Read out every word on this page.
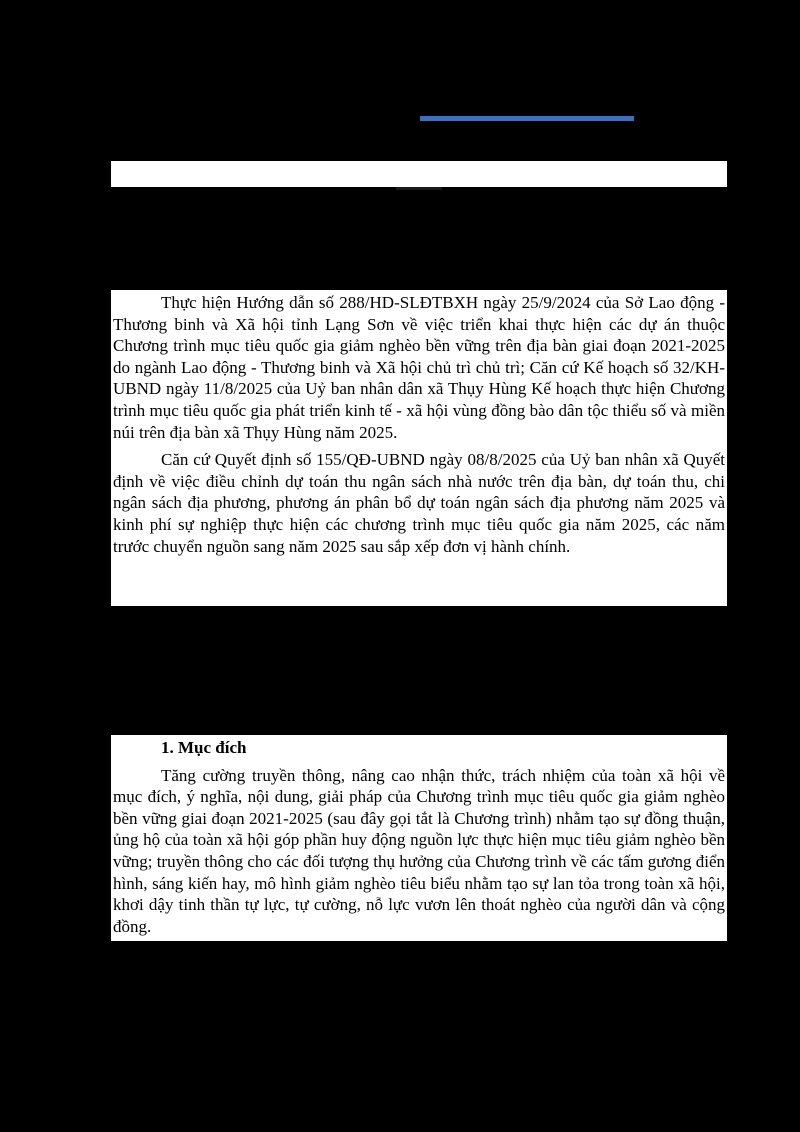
Thực hiện Hướng dẫn số 288/HD-SLĐTBXH ngày 25/9/2024 của Sở Lao động - Thương binh và Xã hội tỉnh Lạng Sơn về việc triển khai thực hiện các dự án thuộc Chương trình mục tiêu quốc gia giảm nghèo bền vững trên địa bàn giai đoạn 2021-2025 do ngành Lao động - Thương binh và Xã hội chủ trì chủ trì; Căn cứ Kế hoạch số 32/KH-UBND ngày 11/8/2025 của Uỷ ban nhân dân xã Thụy Hùng Kế hoạch thực hiện Chương trình mục tiêu quốc gia phát triển kinh tế - xã hội vùng đồng bào dân tộc thiểu số và miền núi trên địa bàn xã Thụy Hùng năm 2025.

Căn cứ Quyết định số 155/QĐ-UBND ngày 08/8/2025 của Uỷ ban nhân xã Quyết định về việc điều chỉnh dự toán thu ngân sách nhà nước trên địa bàn, dự toán thu, chi ngân sách địa phương, phương án phân bổ dự toán ngân sách địa phương năm 2025 và kinh phí sự nghiệp thực hiện các chương trình mục tiêu quốc gia năm 2025, các năm trước chuyển nguồn sang năm 2025 sau sắp xếp đơn vị hành chính.

1. Mục đích

Tăng cường truyền thông, nâng cao nhận thức, trách nhiệm của toàn xã hội về mục đích, ý nghĩa, nội dung, giải pháp của Chương trình mục tiêu quốc gia giảm nghèo bền vững giai đoạn 2021-2025 (sau đây gọi tắt là Chương trình) nhằm tạo sự đồng thuận, ủng hộ của toàn xã hội góp phần huy động nguồn lực thực hiện mục tiêu giảm nghèo bền vững; truyền thông cho các đối tượng thụ hưởng của Chương trình về các tấm gương điển hình, sáng kiến hay, mô hình giảm nghèo tiêu biểu nhằm tạo sự lan tỏa trong toàn xã hội, khơi dậy tinh thần tự lực, tự cường, nỗ lực vươn lên thoát nghèo của người dân và cộng đồng.
